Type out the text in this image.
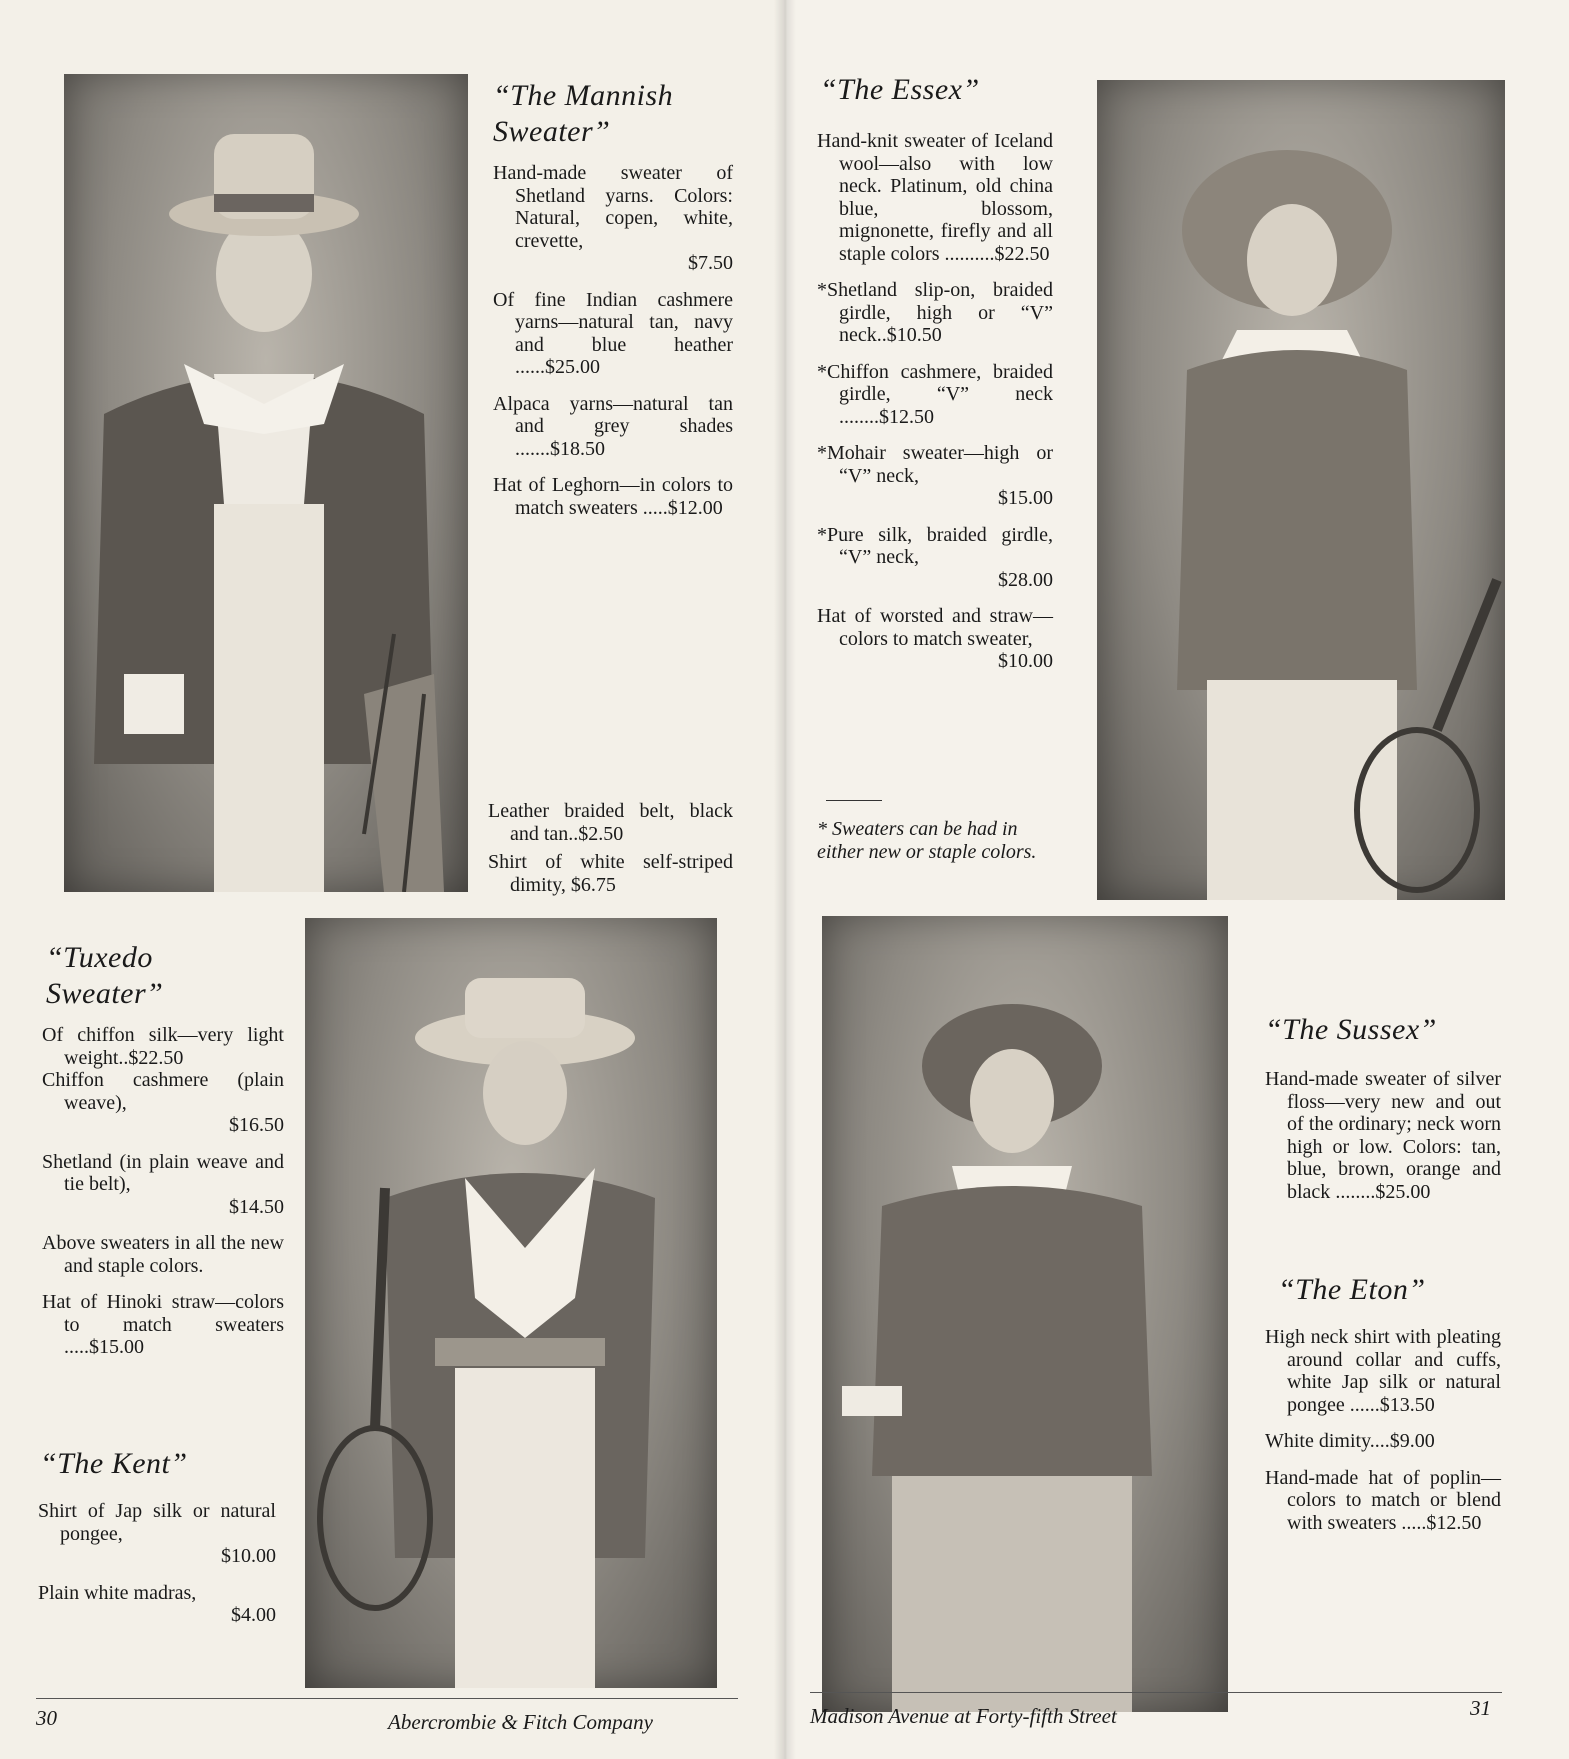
“The Mannish
Sweater”
Hand-made sweater of Shetland yarns. Colors: Natural, copen, white, crevette,
$7.50
Of fine Indian cashmere yarns—natural tan, navy and blue heather ......$25.00
Alpaca yarns—natural tan and grey shades .......$18.50
Hat of Leghorn—in colors to match sweaters .....$12.00
Leather braided belt, black and tan..$2.50
Shirt of white self-striped dimity, $6.75
“Tuxedo
Sweater”
Of chiffon silk—very light weight..$22.50
Chiffon cashmere (plain weave),
$16.50
Shetland (in plain weave and tie belt),
$14.50
Above sweaters in all the new and staple colors.
Hat of Hinoki straw—colors to match sweaters .....$15.00
“The Kent”
Shirt of Jap silk or natural pongee,
$10.00
Plain white madras,
$4.00
“The Essex”
Hand-knit sweater of Iceland wool—also with low neck. Platinum, old china blue, blossom, mignonette, firefly and all staple colors ..........$22.50
*Shetland slip-on, braided girdle, high or “V” neck..$10.50
*Chiffon cashmere, braided girdle, “V” neck ........$12.50
*Mohair sweater—high or “V” neck,
$15.00
*Pure silk, braided girdle, “V” neck,
$28.00
Hat of worsted and straw—colors to match sweater,
$10.00
* Sweaters can be had in either new or staple colors.
“The Sussex”
Hand-made sweater of silver floss—very new and out of the ordinary; neck worn high or low. Colors: tan, blue, brown, orange and black ........$25.00
“The Eton”
High neck shirt with pleating around collar and cuffs, white Jap silk or natural pongee ......$13.50
White dimity....$9.00
Hand-made hat of poplin—colors to match or blend with sweaters .....$12.50
30	Abercrombie & Fitch Company	Madison Avenue at Forty-fifth Street	31
